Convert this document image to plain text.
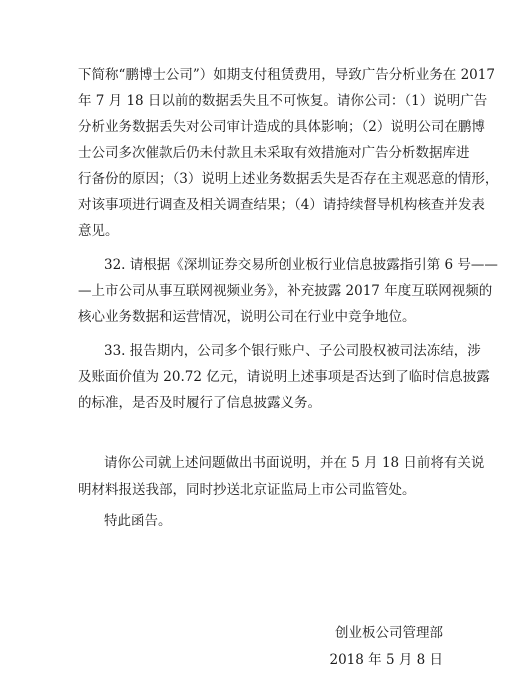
下简称“鹏博士公司”）如期支付租赁费用，导致广告分析业务在 2017
年 7 月 18 日以前的数据丢失且不可恢复。请你公司：（1）说明广告
分析业务数据丢失对公司审计造成的具体影响；（2）说明公司在鹏博
士公司多次催款后仍未付款且未采取有效措施对广告分析数据库进
行备份的原因；（3）说明上述业务数据丢失是否存在主观恶意的情形，
对该事项进行调查及相关调查结果；（4）请持续督导机构核查并发表
意见。
32. 请根据《深圳证券交易所创业板行业信息披露指引第 6 号——
—上市公司从事互联网视频业务》，补充披露 2017 年度互联网视频的
核心业务数据和运营情况，说明公司在行业中竞争地位。
33. 报告期内，公司多个银行账户、子公司股权被司法冻结，涉
及账面价值为 20.72 亿元，请说明上述事项是否达到了临时信息披露
的标准，是否及时履行了信息披露义务。
请你公司就上述问题做出书面说明，并在 5 月 18 日前将有关说
明材料报送我部，同时抄送北京证监局上市公司监管处。
特此函告。
创业板公司管理部
2018 年 5 月 8 日
